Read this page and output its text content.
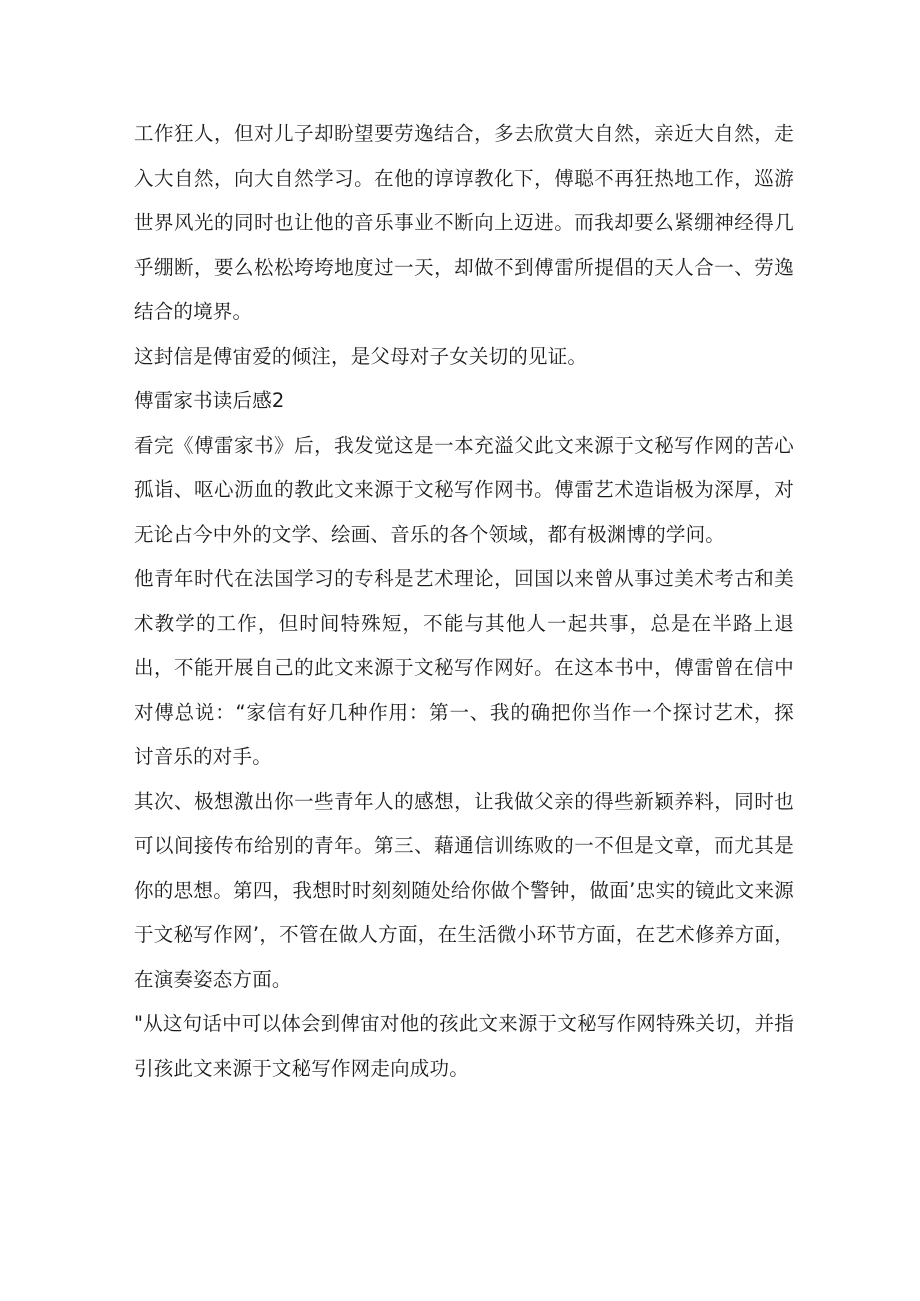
工作狂人，但对儿子却盼望要劳逸结合，多去欣赏大自然，亲近大自然，走入大自然，向大自然学习。在他的谆谆教化下，傅聪不再狂热地工作，巡游世界风光的同时也让他的音乐事业不断向上迈进。而我却要么紧绷神经得几乎绷断，要么松松垮垮地度过一天，却做不到傅雷所提倡的天人合一、劳逸结合的境界。

这封信是傅宙爱的倾注，是父母对子女关切的见证。

傅雷家书读后感2

看完《傅雷家书》后，我发觉这是一本充溢父此文来源于文秘写作网的苦心孤诣、呕心沥血的教此文来源于文秘写作网书。傅雷艺术造诣极为深厚，对无论占今中外的文学、绘画、音乐的各个领域，都有极渊博的学问。

他青年时代在法国学习的专科是艺术理论，回国以来曾从事过美术考古和美术教学的工作，但时间特殊短，不能与其他人一起共事，总是在半路上退出，不能开展自己的此文来源于文秘写作网好。在这本书中，傅雷曾在信中对傅总说：“家信有好几种作用：第一、我的确把你当作一个探讨艺术，探讨音乐的对手。

其次、极想激出你一些青年人的感想，让我做父亲的得些新颖养料，同时也可以间接传布给别的青年。第三、藉通信训练败的一不但是文章，而尤其是你的思想。第四，我想时时刻刻随处给你做个警钟，做面’忠实的镜此文来源于文秘写作网’，不管在做人方面，在生活微小环节方面，在艺术修养方面，在演奏姿态方面。

"从这句话中可以体会到俾宙对他的孩此文来源于文秘写作网特殊关切，并指引孩此文来源于文秘写作网走向成功。
